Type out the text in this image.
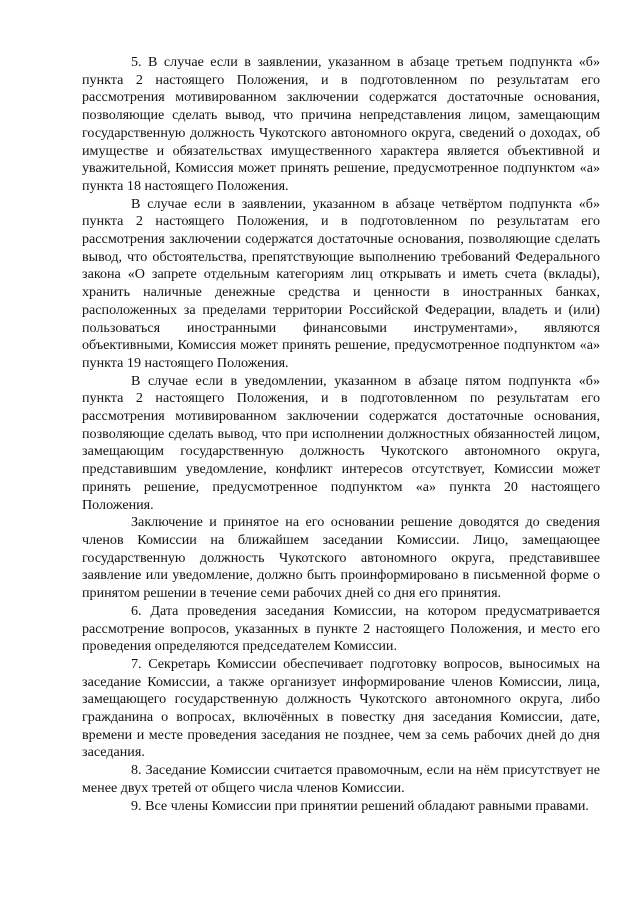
5. В случае если в заявлении, указанном в абзаце третьем подпункта «б» пункта 2 настоящего Положения, и в подготовленном по результатам его рассмотрения мотивированном заключении содержатся достаточные основания, позволяющие сделать вывод, что причина непредставления лицом, замещающим государственную должность Чукотского автономного округа, сведений о доходах, об имуществе и обязательствах имущественного характера является объективной и уважительной, Комиссия может принять решение, предусмотренное подпунктом «а» пункта 18 настоящего Положения.

В случае если в заявлении, указанном в абзаце четвёртом подпункта «б» пункта 2 настоящего Положения, и в подготовленном по результатам его рассмотрения заключении содержатся достаточные основания, позволяющие сделать вывод, что обстоятельства, препятствующие выполнению требований Федерального закона «О запрете отдельным категориям лиц открывать и иметь счета (вклады), хранить наличные денежные средства и ценности в иностранных банках, расположенных за пределами территории Российской Федерации, владеть и (или) пользоваться иностранными финансовыми инструментами», являются объективными, Комиссия может принять решение, предусмотренное подпунктом «а» пункта 19 настоящего Положения.

В случае если в уведомлении, указанном в абзаце пятом подпункта «б» пункта 2 настоящего Положения, и в подготовленном по результатам его рассмотрения мотивированном заключении содержатся достаточные основания, позволяющие сделать вывод, что при исполнении должностных обязанностей лицом, замещающим государственную должность Чукотского автономного округа, представившим уведомление, конфликт интересов отсутствует, Комиссии может принять решение, предусмотренное подпунктом «а» пункта 20 настоящего Положения.

Заключение и принятое на его основании решение доводятся до сведения членов Комиссии на ближайшем заседании Комиссии. Лицо, замещающее государственную должность Чукотского автономного округа, представившее заявление или уведомление, должно быть проинформировано в письменной форме о принятом решении в течение семи рабочих дней со дня его принятия.

6. Дата проведения заседания Комиссии, на котором предусматривается рассмотрение вопросов, указанных в пункте 2 настоящего Положения, и место его проведения определяются председателем Комиссии.

7. Секретарь Комиссии обеспечивает подготовку вопросов, выносимых на заседание Комиссии, а также организует информирование членов Комиссии, лица, замещающего государственную должность Чукотского автономного округа, либо гражданина о вопросах, включённых в повестку дня заседания Комиссии, дате, времени и месте проведения заседания не позднее, чем за семь рабочих дней до дня заседания.

8. Заседание Комиссии считается правомочным, если на нём присутствует не менее двух третей от общего числа членов Комиссии.

9. Все члены Комиссии при принятии решений обладают равными правами.
